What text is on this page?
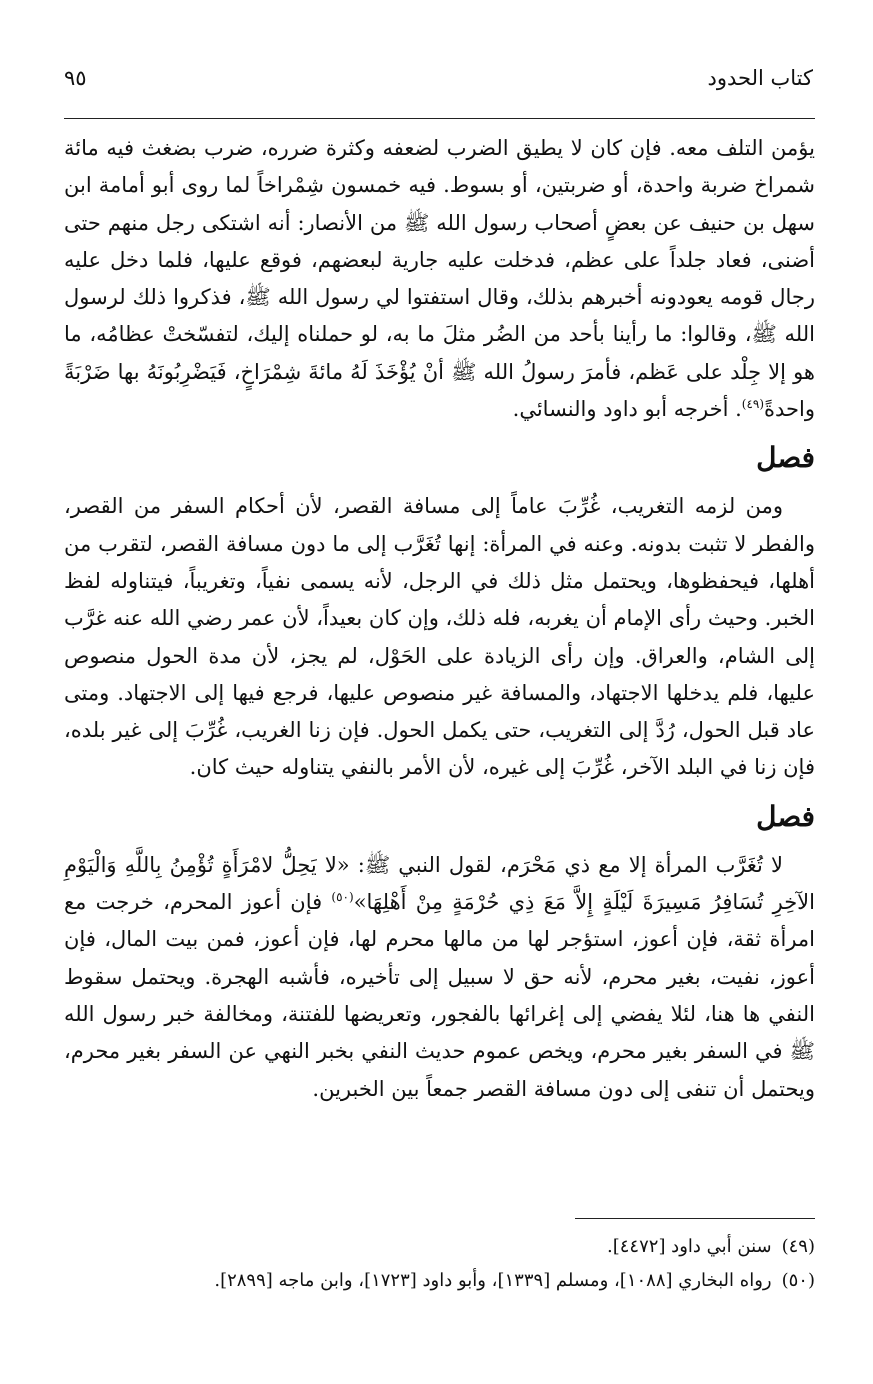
كتاب الحدود
٩٥

يؤمن التلف معه. فإن كان لا يطيق الضرب لضعفه وكثرة ضرره، ضرب بضغث فيه مائة شمراخ ضربة واحدة، أو ضربتين، أو بسوط. فيه خمسون شِمْراخاً لما روى أبو أمامة ابن سهل بن حنيف عن بعضٍ أصحاب رسول الله ﷺ من الأنصار: أنه اشتكى رجل منهم حتى أضنى، فعاد جلداً على عظم، فدخلت عليه جارية لبعضهم، فوقع عليها، فلما دخل عليه رجال قومه يعودونه أخبرهم بذلك، وقال استفتوا لي رسول الله ﷺ، فذكروا ذلك لرسول الله ﷺ، وقالوا: ما رأينا بأحد من الضُر مثلَ ما به، لو حملناه إليك، لتفسّختْ عظامُه، ما هو إلا جِلْد على عَظم، فأمرَ رسولُ الله ﷺ أنْ يُؤْخَذَ لَهُ مائةَ شِمْرَاخٍ، فَيَضْرِبُونَهُ بها ضَرْبَةً واحدةً$^{(٤٩)}$. أخرجه أبو داود والنسائي.

فصل

ومن لزمه التغريب، غُرِّبَ عاماً إلى مسافة القصر، لأن أحكام السفر من القصر، والفطر لا تثبت بدونه. وعنه في المرأة: إنها تُغَرَّب إلى ما دون مسافة القصر، لتقرب من أهلها، فيحفظوها، ويحتمل مثل ذلك في الرجل، لأنه يسمى نفياً، وتغريباً، فيتناوله لفظ الخبر. وحيث رأى الإمام أن يغربه، فله ذلك، وإن كان بعيداً، لأن عمر رضي الله عنه غرَّب إلى الشام، والعراق. وإن رأى الزيادة على الحَوْل، لم يجز، لأن مدة الحول منصوص عليها، فلم يدخلها الاجتهاد، والمسافة غير منصوص عليها، فرجع فيها إلى الاجتهاد. ومتى عاد قبل الحول، رُدَّ إلى التغريب، حتى يكمل الحول. فإن زنا الغريب، غُرِّبَ إلى غير بلده، فإن زنا في البلد الآخر، غُرِّبَ إلى غيره، لأن الأمر بالنفي يتناوله حيث كان.

فصل

لا تُغَرَّب المرأة إلا مع ذي مَحْرَم، لقول النبي ﷺ: «لا يَحِلُّ لامْرَأَةٍ تُؤْمِنُ بِاللَّهِ وَالْيَوْمِ الآخِرِ تُسَافِرُ مَسِيرَةَ لَيْلَةٍ إِلاَّ مَعَ ذِي حُرْمَةٍ مِنْ أَهْلِهَا»$^{(٥٠)}$ فإن أعوز المحرم، خرجت مع امرأة ثقة، فإن أعوز، استؤجر لها من مالها محرم لها، فإن أعوز، فمن بيت المال، فإن أعوز، نفيت، بغير محرم، لأنه حق لا سبيل إلى تأخيره، فأشبه الهجرة. ويحتمل سقوط النفي ها هنا، لئلا يفضي إلى إغرائها بالفجور، وتعريضها للفتنة، ومخالفة خبر رسول الله ﷺ في السفر بغير محرم، ويخص عموم حديث النفي بخبر النهي عن السفر بغير محرم، ويحتمل أن تنفى إلى دون مسافة القصر جمعاً بين الخبرين.

(٤٩)سنن أبي داود [٤٤٧٢].

(٥٠)رواه البخاري [١٠٨٨]، ومسلم [١٣٣٩]، وأبو داود [١٧٢٣]، وابن ماجه [٢٨٩٩].
